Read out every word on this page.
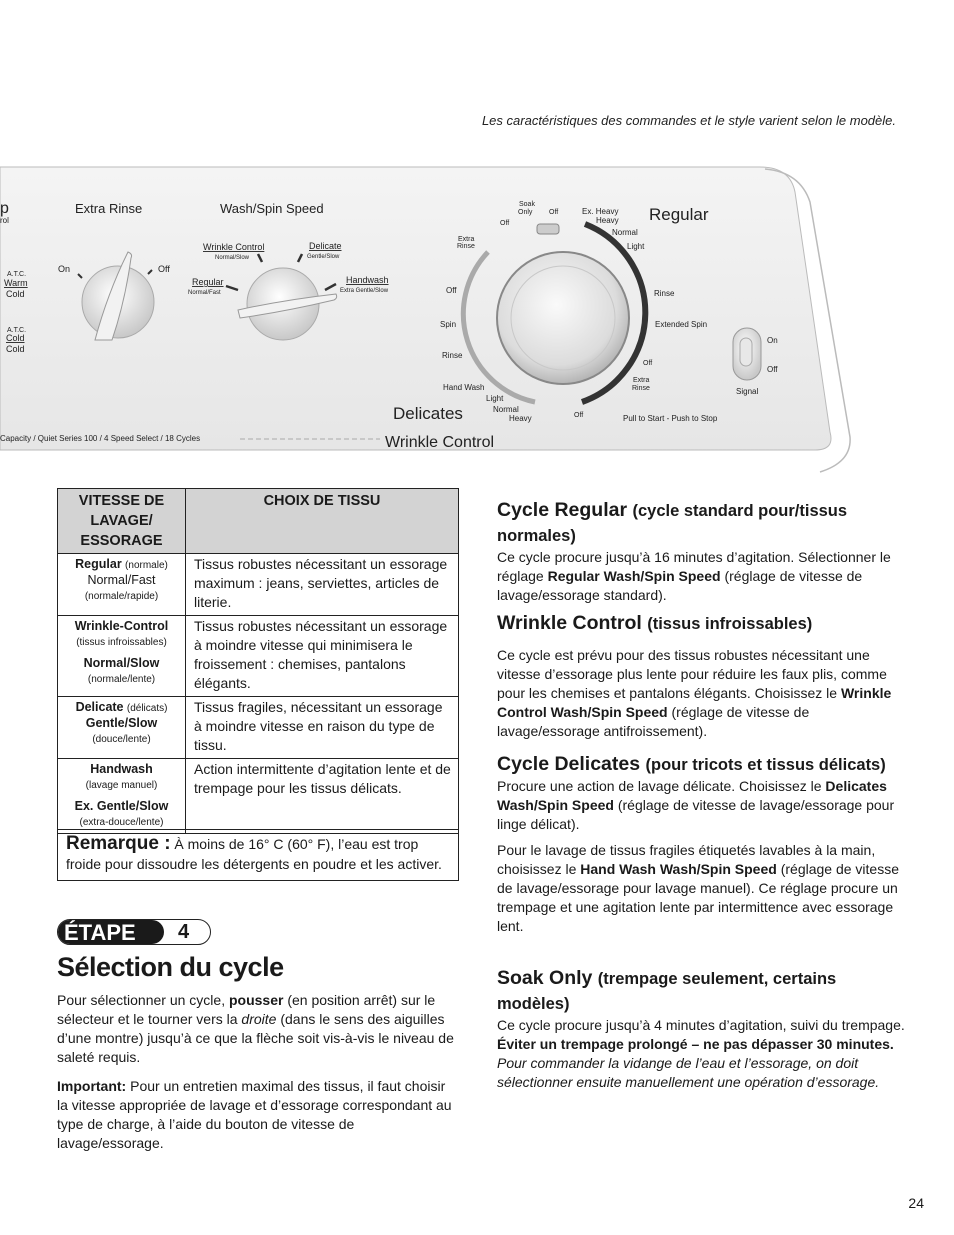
Les caractéristiques des commandes et le style varient selon le modèle.
p
rol
A.T.C.
Warm
Cold
A.T.C.
Cold
Cold
Extra Rinse
On	Off
Wash/Spin Speed
Wrinkle Control
Normal/Slow
Delicate
Gentle/Slow
Regular
Normal/Fast
Handwash
Extra Gentle/Slow
Soak
Only
Off
Off	Ex. Heavy
Heavy
Normal
Light
Rinse
Extended Spin
Off
Extra
Rinse
Off
Extra
Rinse
Off
Spin
Rinse
Hand Wash
Light
Normal
Heavy
Regular
Delicates
Wrinkle Control
Pull to Start - Push to Stop
On
Off
Signal
Capacity / Quiet Series 100 / 4 Speed Select / 18 Cycles
VITESSE DE LAVAGE/ ESSORAGE	CHOIX DE TISSU
Regular (normale)
Normal/Fast
(normale/rapide)	Tissus robustes nécessitant un essorage maximum : jeans, serviettes, articles de literie.
Wrinkle-Control
(tissus infroissables)
Normal/Slow
(normale/lente)	Tissus robustes nécessitant un essorage à moindre vitesse qui minimisera le froissement : chemises, pantalons élégants.
Delicate (délicats)
Gentle/Slow
(douce/lente)	Tissus fragiles, nécessitant un essorage à moindre vitesse en raison du type de tissu.
Handwash
(lavage manuel)
Ex. Gentle/Slow
(extra-douce/lente)	Action intermittente d’agitation lente et de trempage pour les tissus délicats.
Remarque : À moins de 16° C (60° F), l’eau est trop froide pour dissoudre les détergents en poudre et les activer.
ÉTAPE	4
Sélection du cycle

Pour sélectionner un cycle, pousser (en position arrêt) sur le sélecteur et le tourner vers la droite (dans le sens des aiguilles d’une montre) jusqu’à ce que la flèche soit vis-à-vis le niveau de saleté requis.

Important: Pour un entretien maximal des tissus, il faut choisir la vitesse appropriée de lavage et d’essorage correspondant au type de charge, à l’aide du bouton de vitesse de lavage/essorage.

Cycle Regular (cycle standard pour/tissus normales)

Ce cycle procure jusqu’à 16 minutes d’agitation. Sélectionner le réglage Regular Wash/Spin Speed (réglage de vitesse de lavage/essorage standard).

Wrinkle Control (tissus infroissables)

Ce cycle est prévu pour des tissus robustes nécessitant une vitesse d’essorage plus lente pour réduire les faux plis, comme pour les chemises et pantalons élégants. Choisissez le Wrinkle Control Wash/Spin Speed (réglage de vitesse de lavage/essorage antifroissement).

Cycle Delicates (pour tricots et tissus délicats)

Procure une action de lavage délicate. Choisissez le Delicates Wash/Spin Speed (réglage de vitesse de lavage/essorage pour linge délicat).

Pour le lavage de tissus fragiles étiquetés lavables à la main, choisissez le Hand Wash Wash/Spin Speed (réglage de vitesse de lavage/essorage pour lavage manuel). Ce réglage procure un trempage et une agitation lente par intermittence avec essorage lent.

Soak Only (trempage seulement, certains modèles)

Ce cycle procure jusqu’à 4 minutes d’agitation, suivi du trempage. Éviter un trempage prolongé – ne pas dépasser 30 minutes. Pour commander la vidange de l’eau et l’essorage, on doit sélectionner ensuite manuellement une opération d’essorage.

24
